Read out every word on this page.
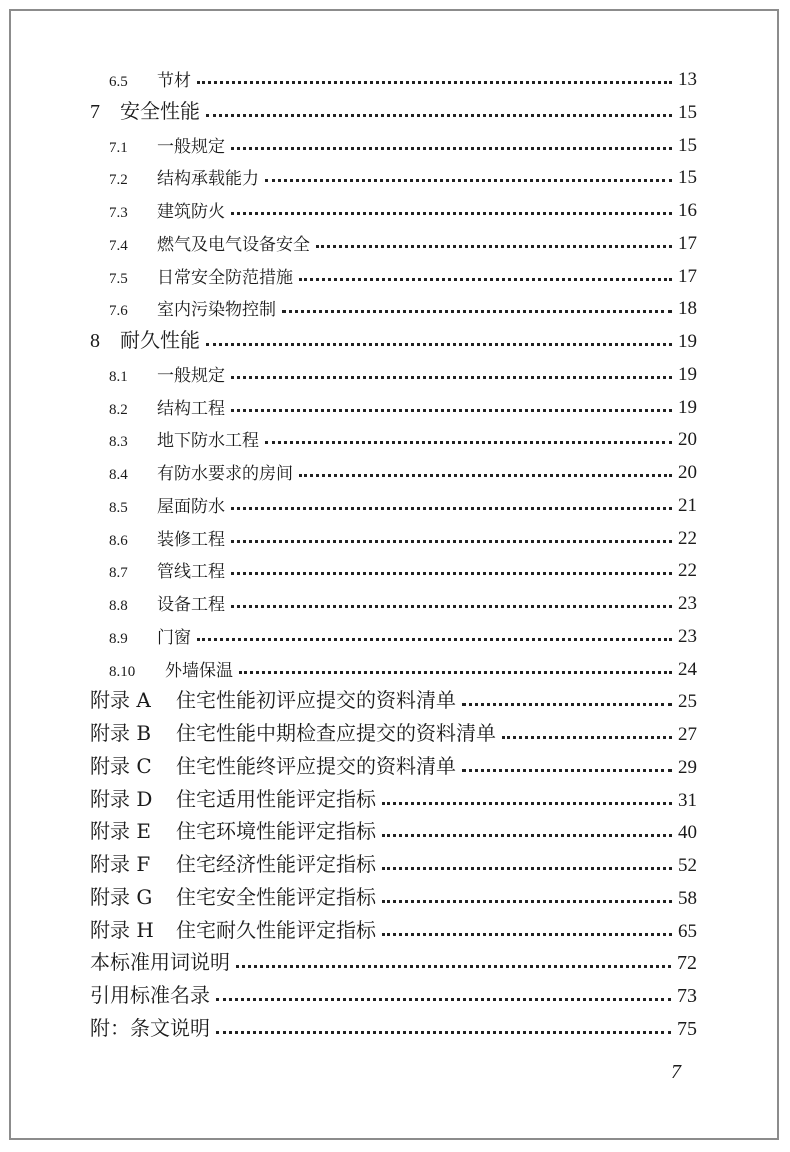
6.5	节材	13
7	安全性能	15
7.1	一般规定	15
7.2	结构承载能力	15
7.3	建筑防火	16
7.4	燃气及电气设备安全	17
7.5	日常安全防范措施	17
7.6	室内污染物控制	18
8	耐久性能	19
8.1	一般规定	19
8.2	结构工程	19
8.3	地下防水工程	20
8.4	有防水要求的房间	20
8.5	屋面防水	21
8.6	装修工程	22
8.7	管线工程	22
8.8	设备工程	23
8.9	门窗	23
8.10	外墙保温	24
附录 A	住宅性能初评应提交的资料清单	25
附录 B	住宅性能中期检查应提交的资料清单	27
附录 C	住宅性能终评应提交的资料清单	29
附录 D	住宅适用性能评定指标	31
附录 E	住宅环境性能评定指标	40
附录 F	住宅经济性能评定指标	52
附录 G	住宅安全性能评定指标	58
附录 H	住宅耐久性能评定指标	65
本标准用词说明	72
引用标准名录	73
附：条文说明	75
7
